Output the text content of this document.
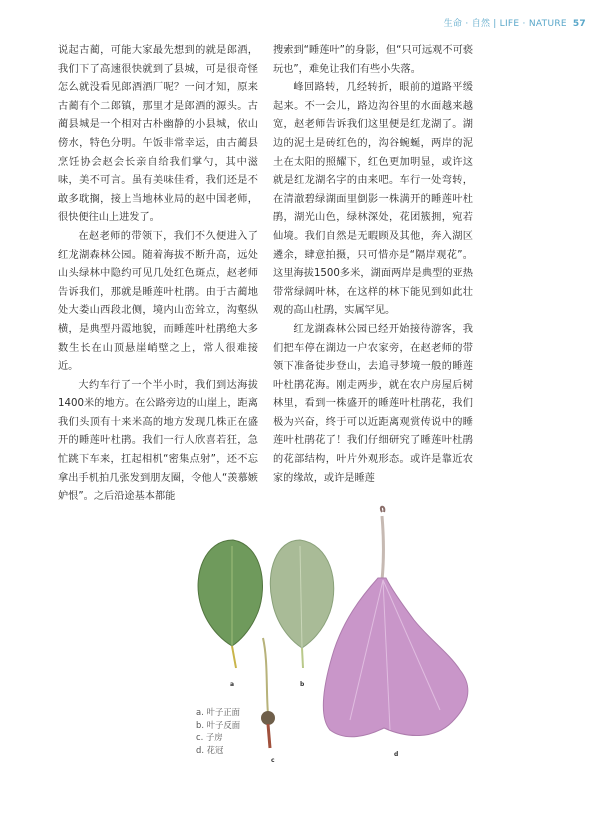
生命 · 自然 | LIFE · NATURE 57

说起古蔺，可能大家最先想到的就是郎酒，我们下了高速很快就到了县城，可是很奇怪怎么就没看见郎酒酒厂呢？一问才知，原来古蔺有个二郎镇，那里才是郎酒的源头。古蔺县城是一个相对古朴幽静的小县城，依山傍水，特色分明。午饭非常幸运，由古蔺县烹饪协会赵会长亲自给我们掌勺，其中滋味，美不可言。虽有美味佳肴，我们还是不敢多耽搁，接上当地林业局的赵中国老师，很快便往山上进发了。

在赵老师的带领下，我们不久便进入了红龙湖森林公园。随着海拔不断升高，远处山头绿林中隐约可见几处红色斑点，赵老师告诉我们，那就是睡莲叶杜鹃。由于古蔺地处大娄山西段北侧，境内山峦耸立，沟壑纵横，是典型丹霞地貌，而睡莲叶杜鹃绝大多数生长在山顶悬崖峭壁之上，常人很难接近。

大约车行了一个半小时，我们到达海拔1400米的地方。在公路旁边的山崖上，距离我们头顶有十来米高的地方发现几株正在盛开的睡莲叶杜鹃。我们一行人欣喜若狂，急忙跳下车来，扛起相机“密集点射”，还不忘拿出手机拍几张发到朋友圈，令他人“羡慕嫉妒恨”。之后沿途基本都能

搜索到“睡莲叶”的身影，但“只可远观不可亵玩也”，难免让我们有些小失落。

峰回路转，几经转折，眼前的道路平缓起来。不一会儿，路边沟谷里的水面越来越宽，赵老师告诉我们这里便是红龙湖了。湖边的泥土是砖红色的，沟谷蜿蜒，两岸的泥土在太阳的照耀下，红色更加明显，或许这就是红龙湖名字的由来吧。车行一处弯转，在清澈碧绿湖面里倒影一株满开的睡莲叶杜鹃，湖光山色，绿林深处，花团簇拥，宛若仙境。我们自然是无暇顾及其他，奔入湖区遴余，肆意拍摄，只可惜亦是“隔岸观花”。这里海拔1500多米，湖面两岸是典型的亚热带常绿阔叶林，在这样的林下能见到如此壮观的高山杜鹃，实属罕见。

红龙湖森林公园已经开始接待游客，我们把车停在湖边一户农家旁，在赵老师的带领下准备徒步登山，去追寻梦境一般的睡莲叶杜鹃花海。刚走两步，就在农户房屋后树林里，看到一株盛开的睡莲叶杜鹃花，我们极为兴奋，终于可以近距离观赏传说中的睡莲叶杜鹃花了！我们仔细研究了睡莲叶杜鹃的花部结构，叶片外观形态。或许是靠近农家的缘故，或许是睡莲

a	b
c
d
a. 叶子正面
b. 叶子反面
c. 子房
d. 花冠
